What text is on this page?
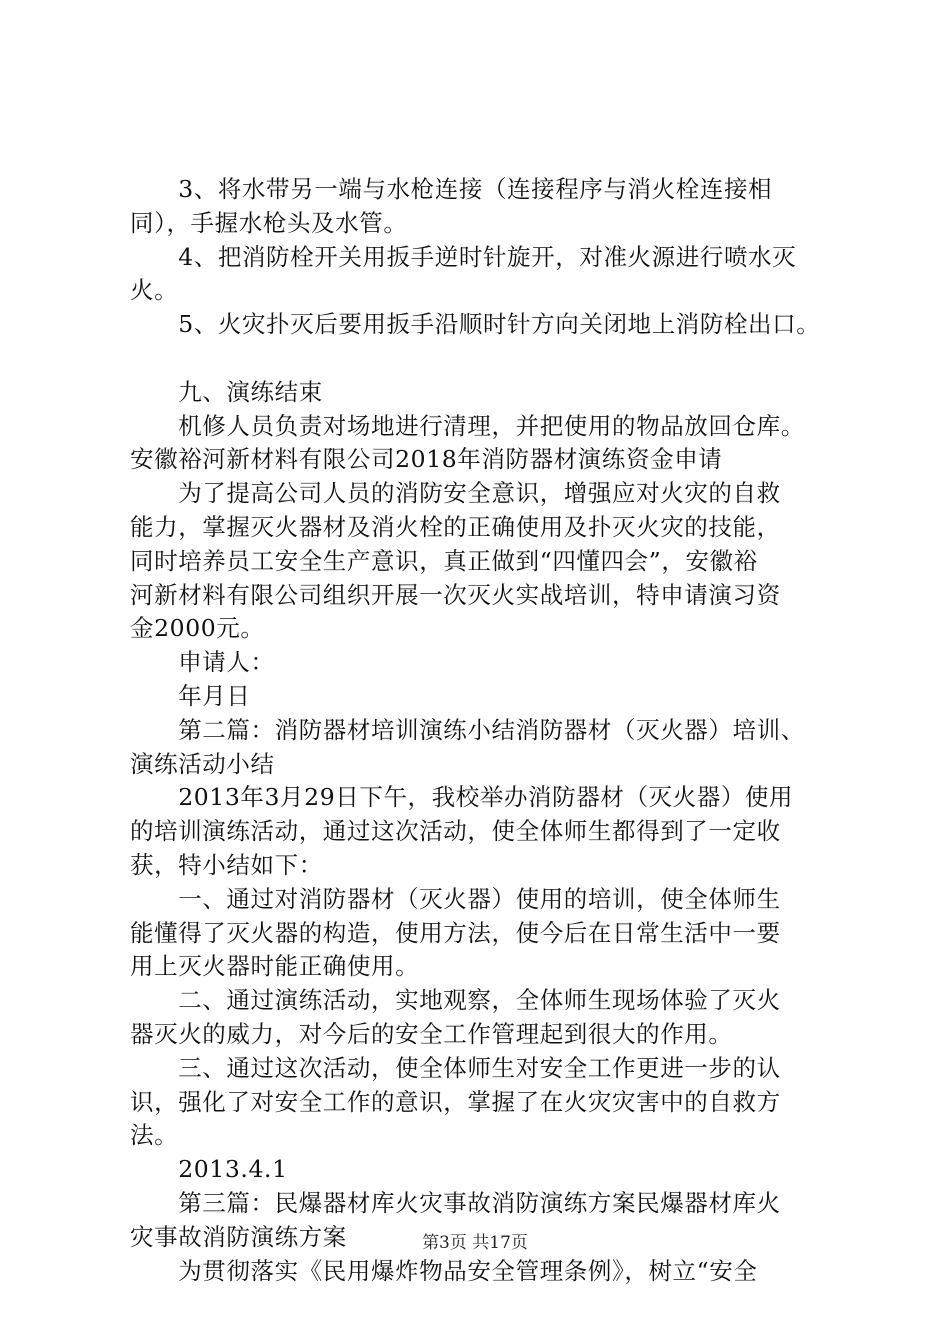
　　3、将水带另一端与水枪连接（连接程序与消火栓连接相
同），手握水枪头及水管。
　　4、把消防栓开关用扳手逆时针旋开，对准火源进行喷水灭
火。
　　5、火灾扑灭后要用扳手沿顺时针方向关闭地上消防栓出口。
　　九、演练结束
　　机修人员负责对场地进行清理，并把使用的物品放回仓库。
安徽裕河新材料有限公司2018年消防器材演练资金申请
　　为了提高公司人员的消防安全意识，增强应对火灾的自救
能力，掌握灭火器材及消火栓的正确使用及扑灭火灾的技能，
同时培养员工安全生产意识，真正做到“四懂四会”，安徽裕
河新材料有限公司组织开展一次灭火实战培训，特申请演习资
金2000元。
　　申请人：
　　年月日
　　第二篇：消防器材培训演练小结消防器材（灭火器）培训、
演练活动小结
　　2013年3月29日下午，我校举办消防器材（灭火器）使用
的培训演练活动，通过这次活动，使全体师生都得到了一定收
获，特小结如下：
　　一、通过对消防器材（灭火器）使用的培训，使全体师生
能懂得了灭火器的构造，使用方法，使今后在日常生活中一要
用上灭火器时能正确使用。
　　二、通过演练活动，实地观察，全体师生现场体验了灭火
器灭火的威力，对今后的安全工作管理起到很大的作用。
　　三、通过这次活动，使全体师生对安全工作更进一步的认
识，强化了对安全工作的意识，掌握了在火灾灾害中的自救方
法。
　　2013.4.1
　　第三篇：民爆器材库火灾事故消防演练方案民爆器材库火
灾事故消防演练方案
　　为贯彻落实《民用爆炸物品安全管理条例》，树立“安全
第3页 共17页
